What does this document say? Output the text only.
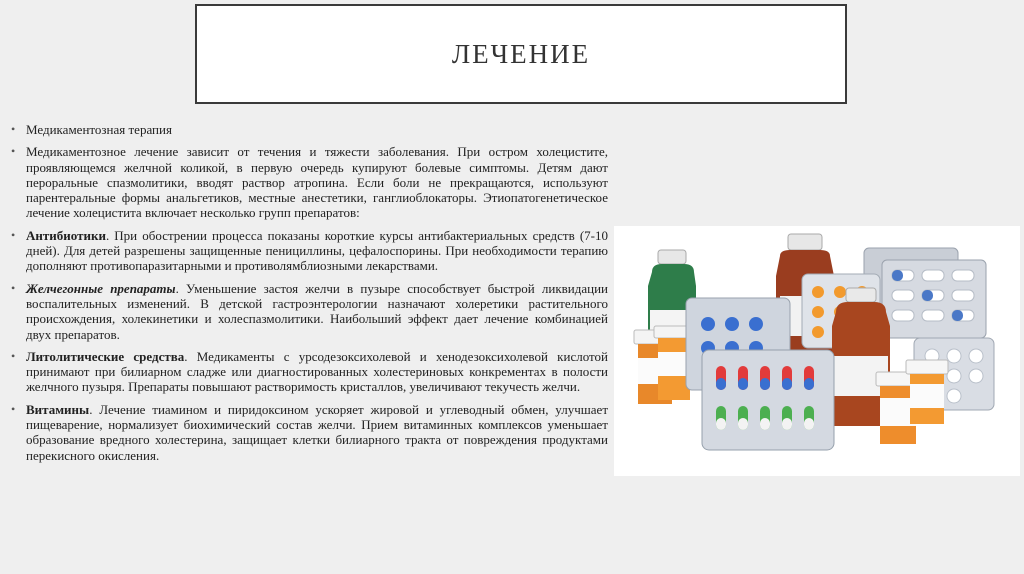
ЛЕЧЕНИЕ
• Медикаментозная терапия
• Медикаментозное лечение зависит от течения и тяжести заболевания. При остром холецистите, проявляющемся желчной коликой, в первую очередь купируют болевые симптомы. Детям дают пероральные спазмолитики, вводят раствор атропина. Если боли не прекращаются, используют парентеральные формы анальгетиков, местные анестетики, ганглиоблокаторы. Этиопатогенетическое лечение холецистита включает несколько групп препаратов:
• Антибиотики. При обострении процесса показаны короткие курсы антибактериальных средств (7-10 дней). Для детей разрешены защищенные пенициллины, цефалоспорины. При необходимости терапию дополняют противопаразитарными и противолямблиозными лекарствами.
• Желчегонные препараты. Уменьшение застоя желчи в пузыре способствует быстрой ликвидации воспалительных изменений. В детской гастроэнтерологии назначают холеретики растительного происхождения, холекинетики и холеспазмолитики. Наибольший эффект дает лечение комбинацией двух препаратов.
• Литолитические средства. Медикаменты с урсодезоксихолевой и хенодезоксихолевой кислотой принимают при билиарном сладже или диагностированных холестериновых конкрементах в полости желчного пузыря. Препараты повышают растворимость кристаллов, увеличивают текучесть желчи.
• Витамины. Лечение тиамином и пиридоксином ускоряет жировой и углеводный обмен, улучшает пищеварение, нормализует биохимический состав желчи. Прием витаминных комплексов уменьшает образование вредного холестерина, защищает клетки билиарного тракта от повреждения продуктами перекисного окисления.
